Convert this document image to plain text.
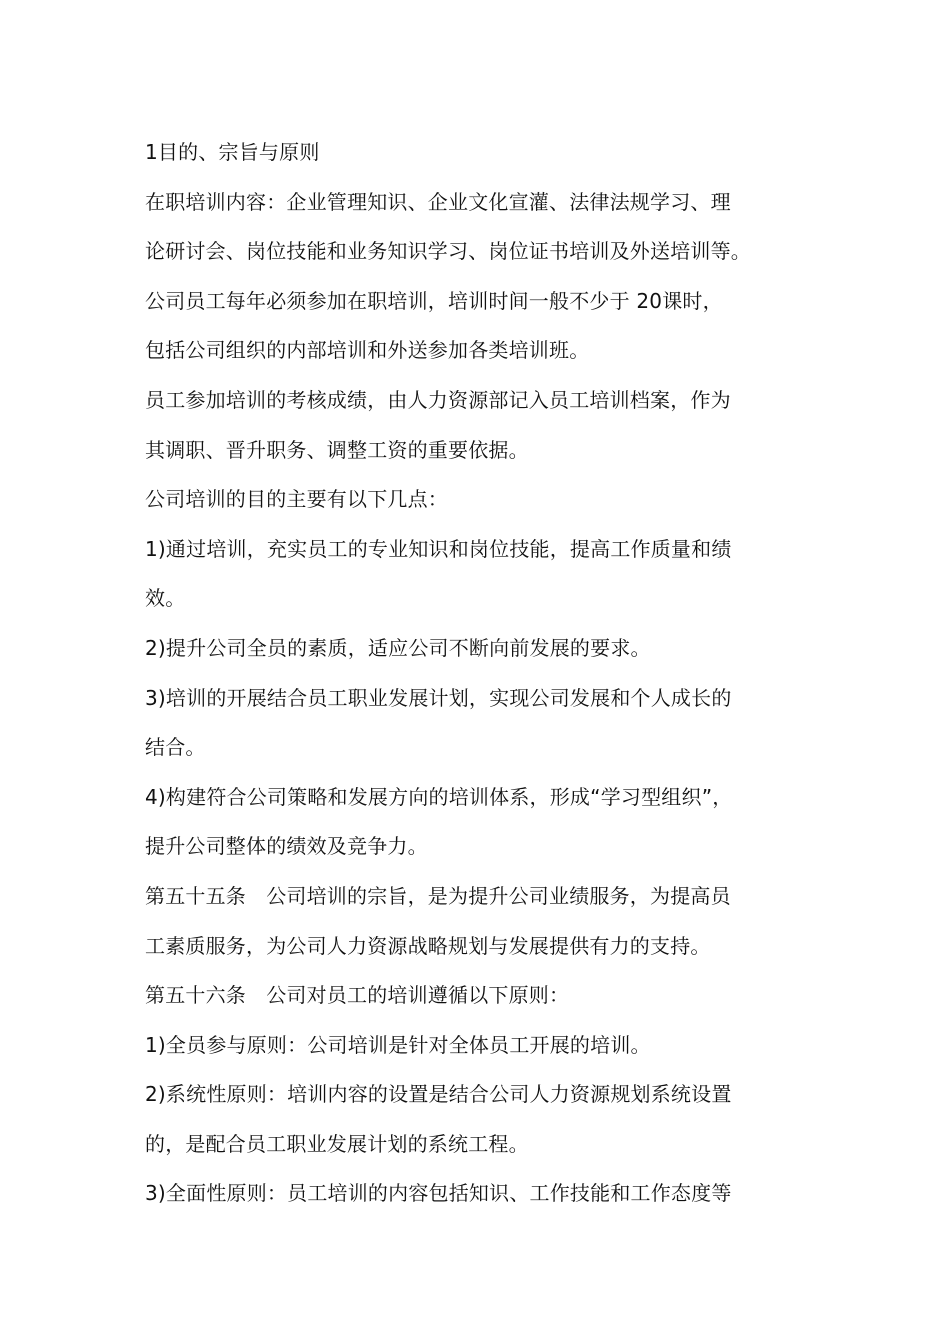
1目的、宗旨与原则
在职培训内容：企业管理知识、企业文化宣灌、法律法规学习、理
论研讨会、岗位技能和业务知识学习、岗位证书培训及外送培训等。
公司员工每年必须参加在职培训，培训时间一般不少于 20课时，
包括公司组织的内部培训和外送参加各类培训班。
员工参加培训的考核成绩，由人力资源部记入员工培训档案，作为
其调职、晋升职务、调整工资的重要依据。
公司培训的目的主要有以下几点：
1)通过培训，充实员工的专业知识和岗位技能，提高工作质量和绩
效。
2)提升公司全员的素质，适应公司不断向前发展的要求。
3)培训的开展结合员工职业发展计划，实现公司发展和个人成长的
结合。
4)构建符合公司策略和发展方向的培训体系，形成“学习型组织”，
提升公司整体的绩效及竞争力。
第五十五条　公司培训的宗旨，是为提升公司业绩服务，为提高员
工素质服务，为公司人力资源战略规划与发展提供有力的支持。
第五十六条　公司对员工的培训遵循以下原则：
1)全员参与原则：公司培训是针对全体员工开展的培训。
2)系统性原则：培训内容的设置是结合公司人力资源规划系统设置
的，是配合员工职业发展计划的系统工程。
3)全面性原则：员工培训的内容包括知识、工作技能和工作态度等
